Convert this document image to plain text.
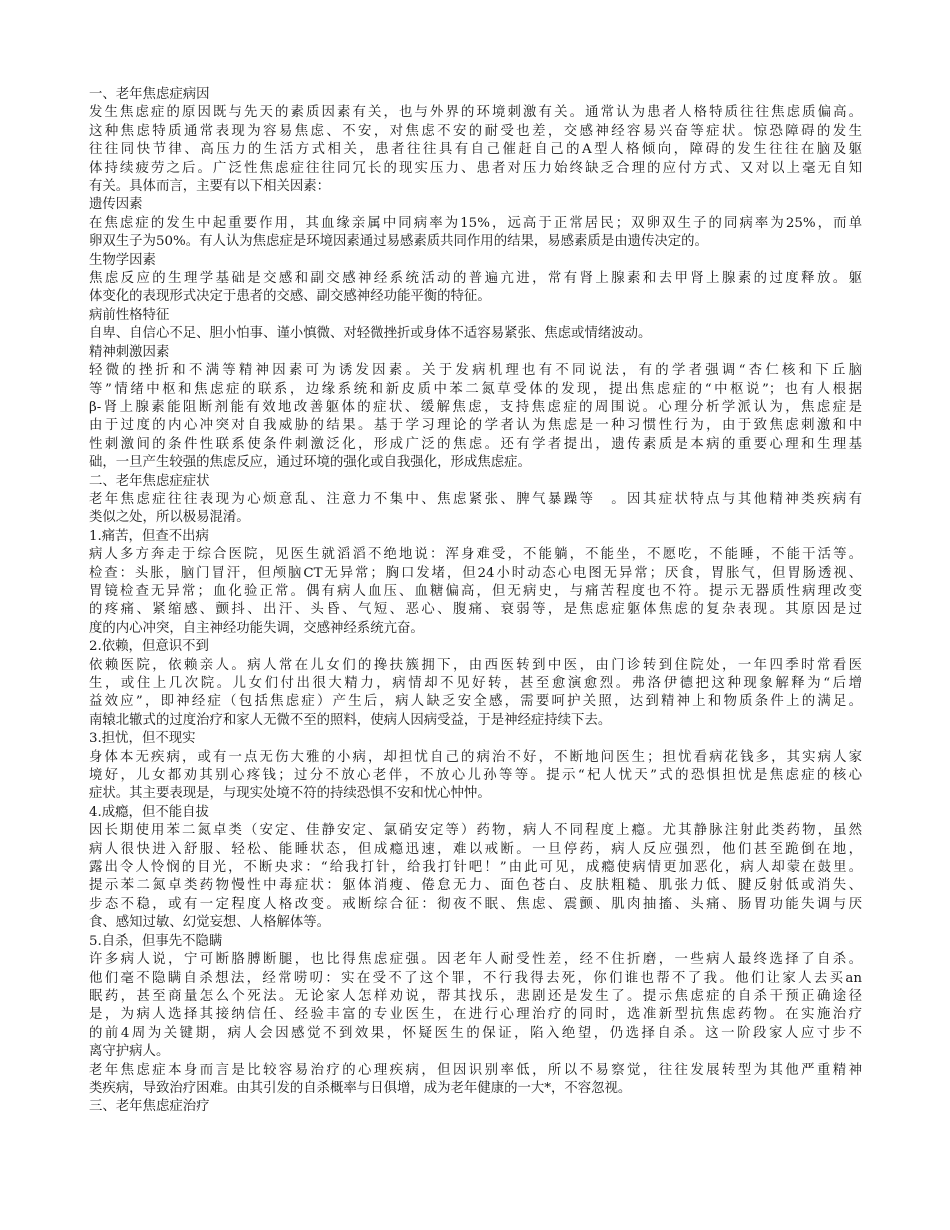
一、老年焦虑症病因
发生焦虑症的原因既与先天的素质因素有关，也与外界的环境刺激有关。通常认为患者人格特质往往焦虑质偏高。
这种焦虑特质通常表现为容易焦虑、不安，对焦虑不安的耐受也差，交感神经容易兴奋等症状。惊恐障碍的发生
往往同快节律、高压力的生活方式相关，患者往往具有自己催赶自己的A型人格倾向，障碍的发生往往在脑及躯
体持续疲劳之后。广泛性焦虑症往往同冗长的现实压力、患者对压力始终缺乏合理的应付方式、又对以上毫无自知
有关。具体而言，主要有以下相关因素：
遗传因素
在焦虑症的发生中起重要作用，其血缘亲属中同病率为15%，远高于正常居民；双卵双生子的同病率为25%，而单
卵双生子为50%。有人认为焦虑症是环境因素通过易感素质共同作用的结果，易感素质是由遗传决定的。
生物学因素
焦虑反应的生理学基础是交感和副交感神经系统活动的普遍亢进，常有肾上腺素和去甲肾上腺素的过度释放。躯
体变化的表现形式决定于患者的交感、副交感神经功能平衡的特征。
病前性格特征
自卑、自信心不足、胆小怕事、谨小慎微、对轻微挫折或身体不适容易紧张、焦虑或情绪波动。
精神刺激因素
轻微的挫折和不满等精神因素可为诱发因素。关于发病机理也有不同说法，有的学者强调“杏仁核和下丘脑
等”情绪中枢和焦虑症的联系，边缘系统和新皮质中苯二氮草受体的发现，提出焦虑症的“中枢说”；也有人根据
β-肾上腺素能阻断剂能有效地改善躯体的症状、缓解焦虑，支持焦虑症的周围说。心理分析学派认为，焦虑症是
由于过度的内心冲突对自我威胁的结果。基于学习理论的学者认为焦虑是一种习惯性行为，由于致焦虑刺激和中
性刺激间的条件性联系使条件刺激泛化，形成广泛的焦虑。还有学者提出，遗传素质是本病的重要心理和生理基
础，一旦产生较强的焦虑反应，通过环境的强化或自我强化，形成焦虑症。
二、老年焦虑症症状
老年焦虑症往往表现为心烦意乱、注意力不集中、焦虑紧张、脾气暴躁等　。因其症状特点与其他精神类疾病有
类似之处，所以极易混淆。
1.痛苦，但查不出病
病人多方奔走于综合医院，见医生就滔滔不绝地说：浑身难受，不能躺，不能坐，不愿吃，不能睡，不能干活等。
检查：头胀，脑门冒汗，但颅脑CT无异常；胸口发堵，但24小时动态心电图无异常；厌食，胃胀气，但胃肠透视、
胃镜检查无异常；血化验正常。偶有病人血压、血糖偏高，但无病史，与痛苦程度也不符。提示无器质性病理改变
的疼痛、紧缩感、颤抖、出汗、头昏、气短、恶心、腹痛、衰弱等，是焦虑症躯体焦虑的复杂表现。其原因是过
度的内心冲突，自主神经功能失调，交感神经系统亢奋。
2.依赖，但意识不到
依赖医院，依赖亲人。病人常在儿女们的搀扶簇拥下，由西医转到中医，由门诊转到住院处，一年四季时常看医
生，或住上几次院。儿女们付出很大精力，病情却不见好转，甚至愈演愈烈。弗洛伊德把这种现象解释为“后增
益效应”，即神经症（包括焦虑症）产生后，病人缺乏安全感，需要呵护关照，达到精神上和物质条件上的满足。
南辕北辙式的过度治疗和家人无微不至的照料，使病人因病受益，于是神经症持续下去。
3.担忧，但不现实
身体本无疾病，或有一点无伤大雅的小病，却担忧自己的病治不好，不断地问医生；担忧看病花钱多，其实病人家
境好，儿女都劝其别心疼钱；过分不放心老伴，不放心儿孙等等。提示“杞人忧天”式的恐惧担忧是焦虑症的核心
症状。其主要表现是，与现实处境不符的持续恐惧不安和忧心忡忡。
4.成瘾，但不能自拔
因长期使用苯二氮卓类（安定、佳静安定、氯硝安定等）药物，病人不同程度上瘾。尤其静脉注射此类药物，虽然
病人很快进入舒服、轻松、能睡状态，但成瘾迅速，难以戒断。一旦停药，病人反应强烈，他们甚至跪倒在地，
露出令人怜悯的目光，不断央求：“给我打针，给我打针吧！”由此可见，成瘾使病情更加恶化，病人却蒙在鼓里。
提示苯二氮卓类药物慢性中毒症状：躯体消瘦、倦怠无力、面色苍白、皮肤粗糙、肌张力低、腱反射低或消失、
步态不稳，或有一定程度人格改变。戒断综合征：彻夜不眠、焦虑、震颤、肌肉抽搐、头痛、肠胃功能失调与厌
食、感知过敏、幻觉妄想、人格解体等。
5.自杀，但事先不隐瞒
许多病人说，宁可断胳膊断腿，也比得焦虑症强。因老年人耐受性差，经不住折磨，一些病人最终选择了自杀。
他们毫不隐瞒自杀想法，经常唠叨：实在受不了这个罪，不行我得去死，你们谁也帮不了我。他们让家人去买an
眠药，甚至商量怎么个死法。无论家人怎样劝说，帮其找乐，悲剧还是发生了。提示焦虑症的自杀干预正确途径
是，为病人选择其接纳信任、经验丰富的专业医生，在进行心理治疗的同时，选准新型抗焦虑药物。在实施治疗
的前4周为关键期，病人会因感觉不到效果，怀疑医生的保证，陷入绝望，仍选择自杀。这一阶段家人应寸步不
离守护病人。
老年焦虑症本身而言是比较容易治疗的心理疾病，但因识别率低，所以不易察觉，往往发展转型为其他严重精神
类疾病，导致治疗困难。由其引发的自杀概率与日俱增，成为老年健康的一大*，不容忽视。
三、老年焦虑症治疗
